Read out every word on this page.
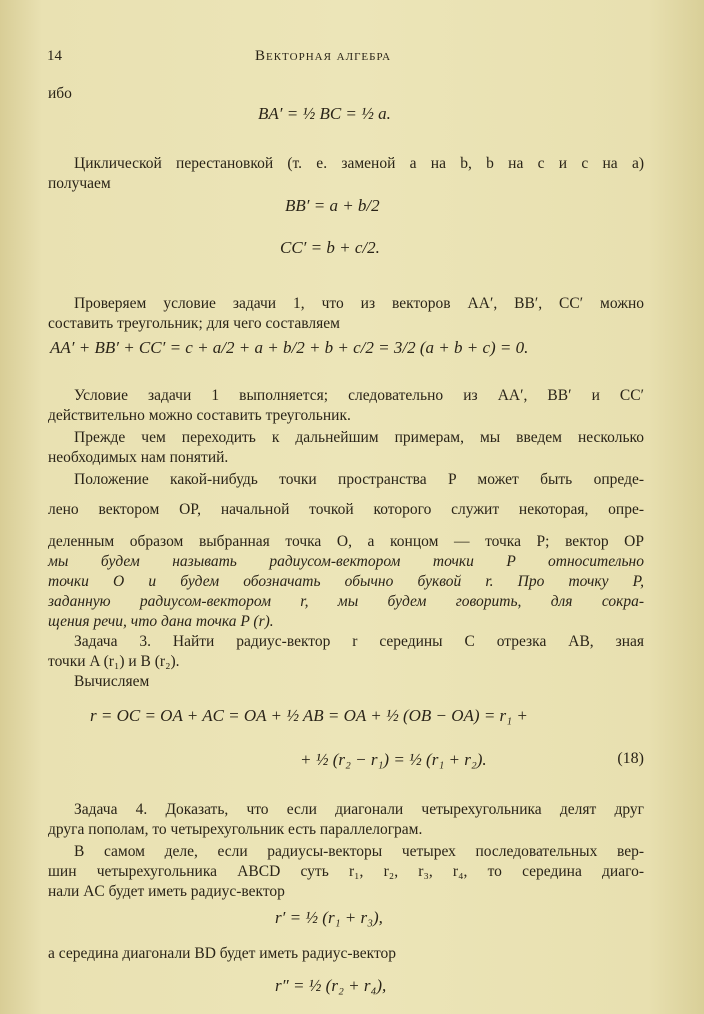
14	Векторная алгебра
ибо
BA′ = ½ BC = ½ a.
Циклической перестановкой (т. е. заменой a на b, b на c и c на a)
получаем
BB′ = a + b/2
CC′ = b + c/2.
Проверяем условие задачи 1, что из векторов AA′, BB′, CC′ можно
составить треугольник; для чего составляем
AA′ + BB′ + CC′ = c + a/2 + a + b/2 + b + c/2 = 3/2 (a + b + c) = 0.
Условие задачи 1 выполняется; следовательно из AA′, BB′ и CC′
действительно можно составить треугольник.
Прежде чем переходить к дальнейшим примерам, мы введем несколько
необходимых нам понятий.
Положение какой-нибудь точки пространства P может быть опреде-
лено вектором OP, начальной точкой которого служит некоторая, опре-
деленным образом выбранная точка O, а концом — точка P; вектор OP
мы будем называть радиусом-вектором точки P относительно
точки O и будем обозначать обычно буквой r. Про точку P,
заданную радиусом-вектором r, мы будем говорить, для сокра-
щения речи, что дана точка P (r).
Задача 3. Найти радиус-вектор r середины C отрезка AB, зная
точки A (r₁) и B (r₂).
Вычисляем
r = OC = OA + AC = OA + ½ AB = OA + ½ (OB − OA) = r₁ +
+ ½ (r₂ − r₁) = ½ (r₁ + r₂).	(18)
Задача 4. Доказать, что если диагонали четырехугольника делят друг
друга пополам, то четырехугольник есть параллелограм.
В самом деле, если радиусы-векторы четырех последовательных вер-
шин четырехугольника ABCD суть r₁, r₂, r₃, r₄, то середина диаго-
нали AC будет иметь радиус-вектор
r′ = ½ (r₁ + r₃),
а середина диагонали BD будет иметь радиус-вектор
r″ = ½ (r₂ + r₄),
